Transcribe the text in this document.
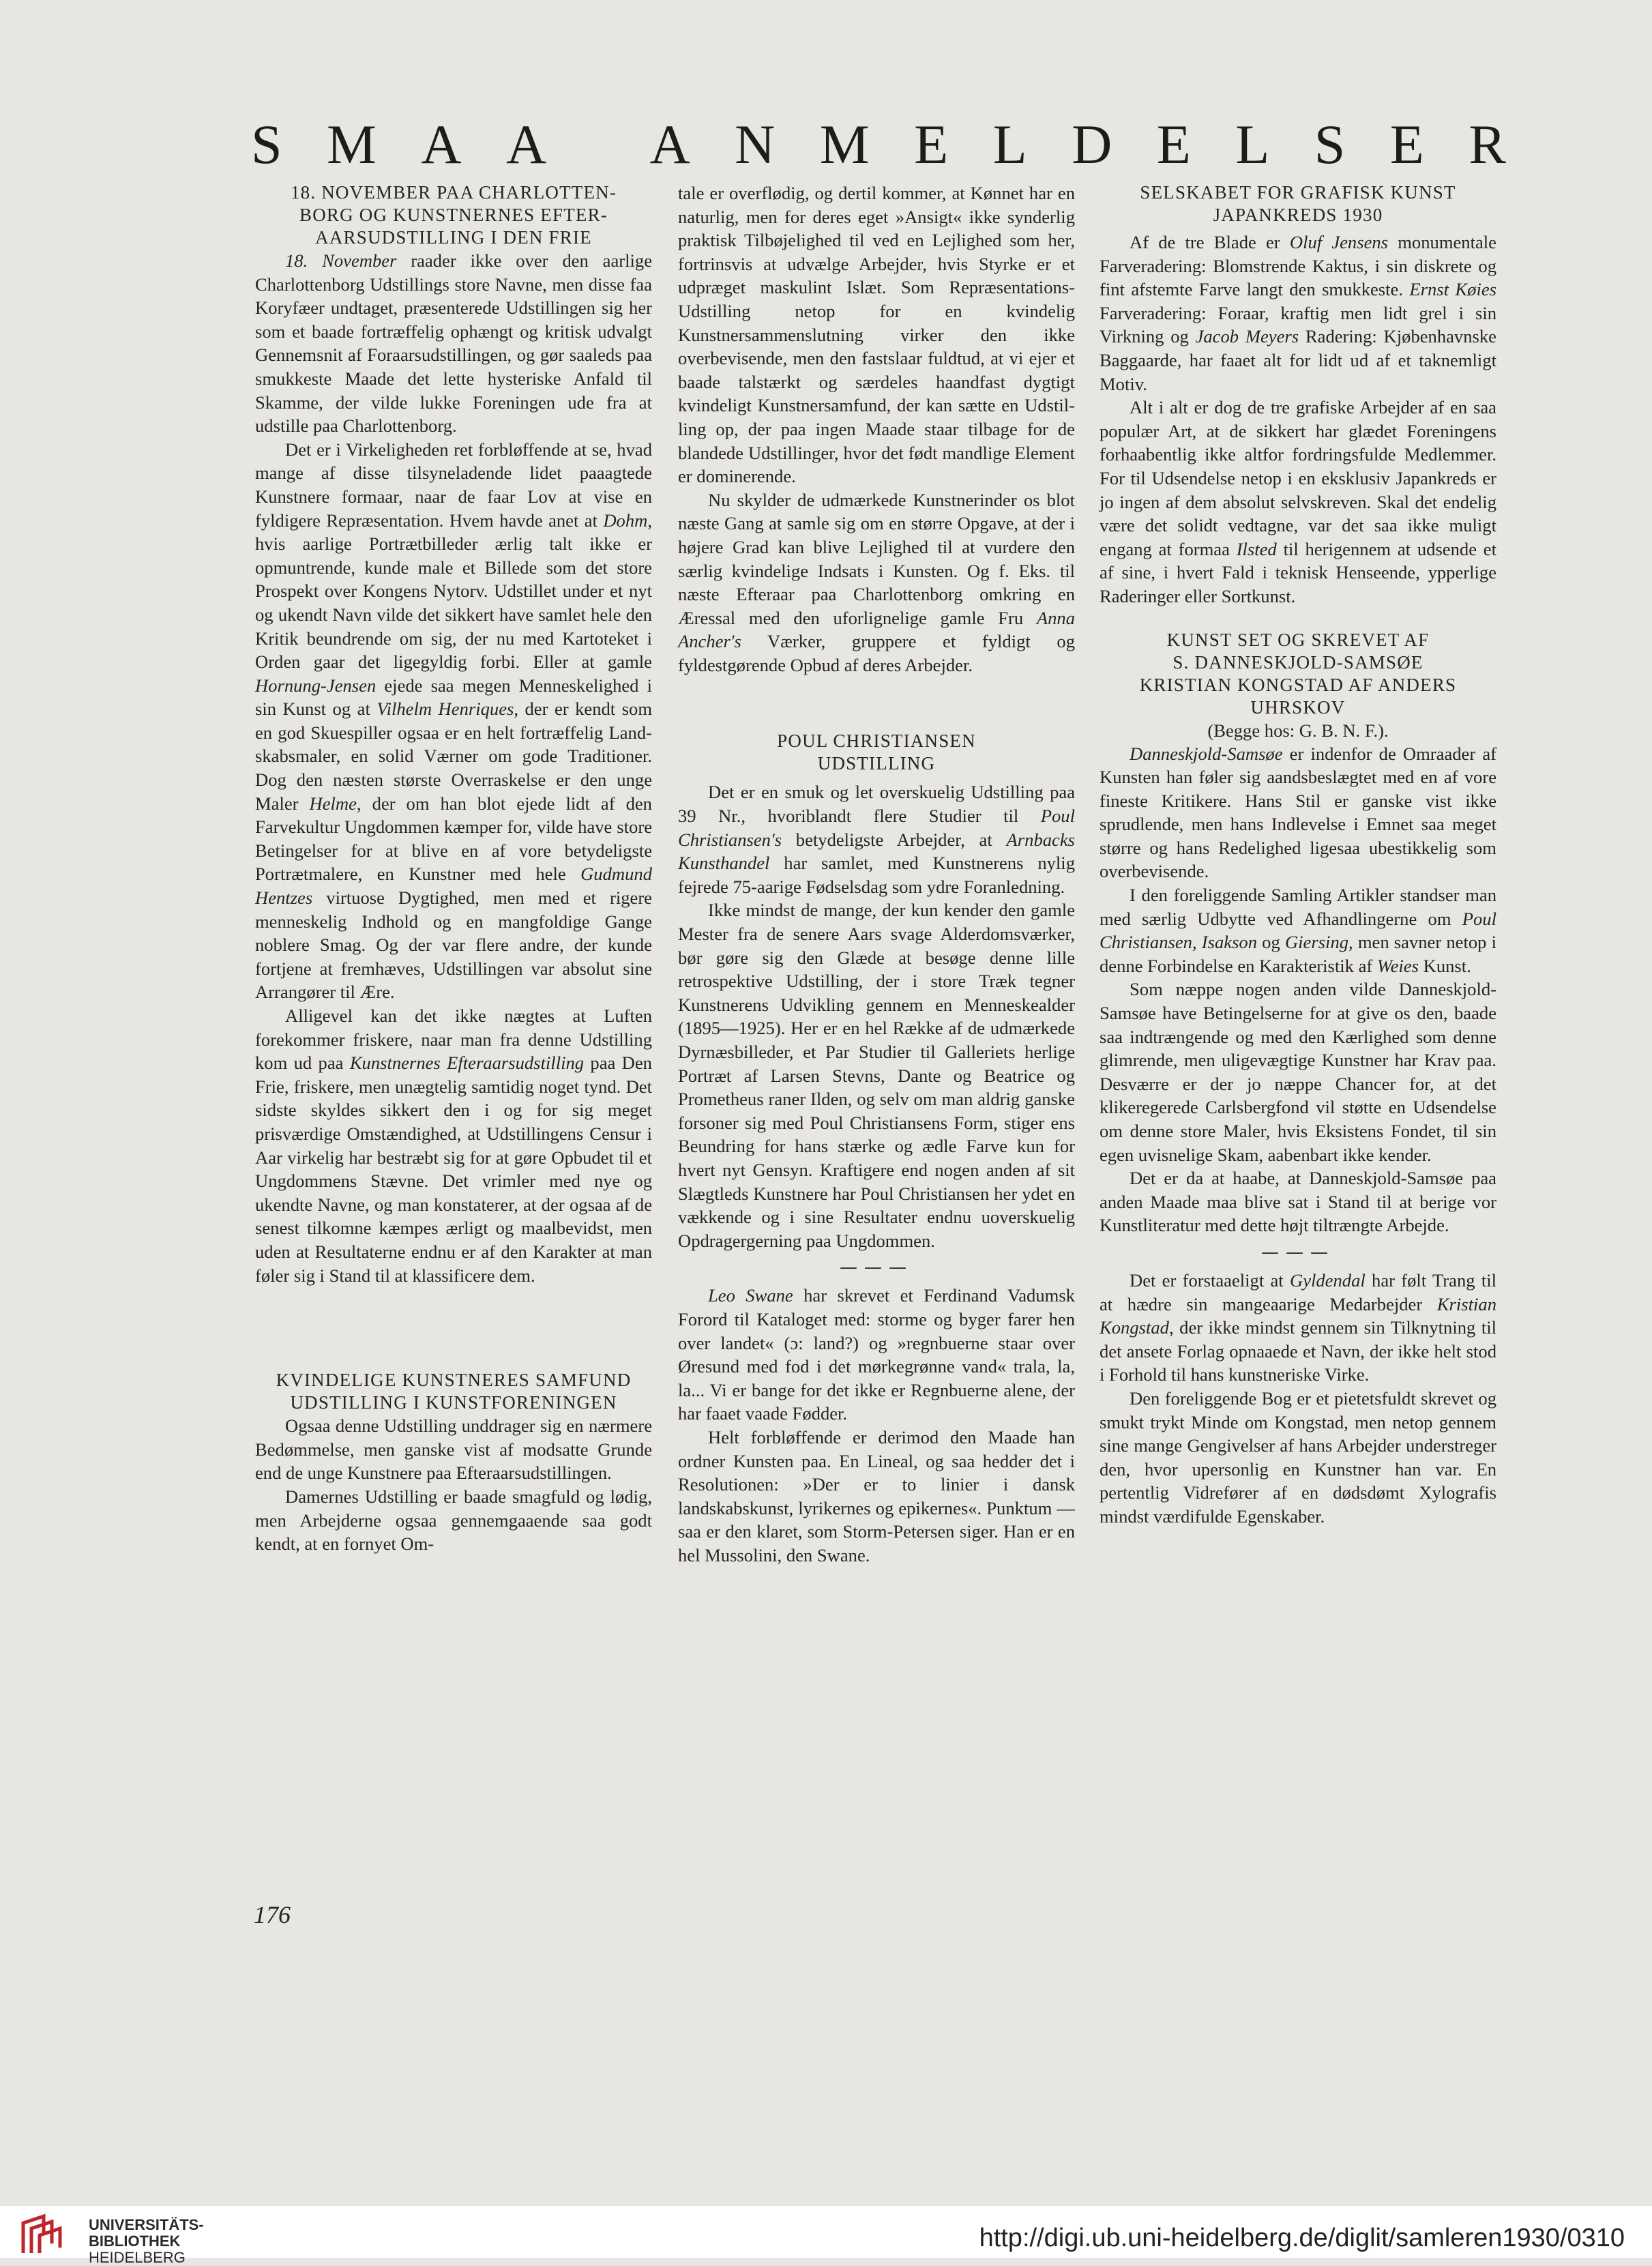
S M A A
A N M E L D E L S E R
18. NOVEMBER PAA CHARLOTTEN-
BORG OG KUNSTNERNES EFTER-
AARSUDSTILLING I DEN FRIE

18. November raader ikke over den aarlige Charlottenborg Udstillings store Navne, men disse faa Koryfæer undtaget, præsenterede Udstillingen sig her som et baade fortræffelig ophængt og kritisk udvalgt Gennemsnit af Foraarsudstillingen, og gør saaleds paa smukkeste Maade det lette hysteriske Anfald til Skamme, der vilde lukke Foreningen ude fra at udstille paa Charlottenborg.

Det er i Virkeligheden ret forbløffende at se, hvad mange af disse tilsyneladende lidet paaagtede Kunstnere formaar, naar de faar Lov at vise en fyldigere Repræsentation. Hvem havde anet at Dohm, hvis aarlige Portrætbilleder ærlig talt ikke er opmuntrende, kunde male et Billede som det store Prospekt over Kongens Nytorv. Udstillet under et nyt og ukendt Navn vilde det sikkert have samlet hele den Kritik beundrende om sig, der nu med Kartoteket i Orden gaar det ligegyldig forbi. Eller at gamle Hornung-Jensen ejede saa megen Menneskelighed i sin Kunst og at Vilhelm Henriques, der er kendt som en god Skuespiller ogsaa er en helt fortræffelig Landskabsmaler, en solid Værner om gode Traditioner. Dog den næsten største Overraskelse er den unge Maler Helme, der om han blot ejede lidt af den Farvekultur Ungdommen kæmper for, vilde have store Betingelser for at blive en af vore betydeligste Portrætmalere, en Kunstner med hele Gudmund Hentzes virtuose Dygtighed, men med et rigere menneskelig Indhold og en mangfoldige Gange noblere Smag. Og der var flere andre, der kunde fortjene at fremhæves, Udstillingen var absolut sine Arrangører til Ære.

Alligevel kan det ikke nægtes at Luften forekommer friskere, naar man fra denne Udstilling kom ud paa Kunstnernes Efteraarsudstilling paa Den Frie, friskere, men unægtelig samtidig noget tynd. Det sidste skyldes sikkert den i og for sig meget prisværdige Omstændighed, at Udstillingens Censur i Aar virkelig har bestræbt sig for at gøre Opbudet til et Ungdommens Stævne. Det vrimler med nye og ukendte Navne, og man konstaterer, at der ogsaa af de senest tilkomne kæmpes ærligt og maalbevidst, men uden at Resultaterne endnu er af den Karakter at man føler sig i Stand til at klassificere dem.

KVINDELIGE KUNSTNERES SAMFUND
UDSTILLING I KUNSTFORENINGEN

Ogsaa denne Udstilling unddrager sig en nærmere Bedømmelse, men ganske vist af modsatte Grunde end de unge Kunstnere paa Efteraarsudstillingen.

Damernes Udstilling er baade smagfuld og lødig, men Arbejderne ogsaa gennemgaaende saa godt kendt, at en fornyet Om-

tale er overflødig, og dertil kommer, at Kønnet har en naturlig, men for deres eget »Ansigt« ikke synderlig praktisk Tilbøjelighed til ved en Lejlighed som her, fortrinsvis at udvælge Arbejder, hvis Styrke er et udpræget maskulint Islæt. Som Repræsentations-Udstilling netop for en kvindelig Kunstnersammenslutning virker den ikke overbevisende, men den fastslaar fuldtud, at vi ejer et baade talstærkt og særdeles haandfast dygtigt kvindeligt Kunstnersamfund, der kan sætte en Udstilling op, der paa ingen Maade staar tilbage for de blandede Udstillinger, hvor det født mandlige Element er dominerende.

Nu skylder de udmærkede Kunstnerinder os blot næste Gang at samle sig om en større Opgave, at der i højere Grad kan blive Lejlighed til at vurdere den særlig kvindelige Indsats i Kunsten. Og f. Eks. til næste Efteraar paa Charlottenborg omkring en Æressal med den uforlignelige gamle Fru Anna Ancher's Værker, gruppere et fyldigt og fyldestgørende Opbud af deres Arbejder.

POUL CHRISTIANSEN
UDSTILLING

Det er en smuk og let overskuelig Udstilling paa 39 Nr., hvoriblandt flere Studier til Poul Christiansen's betydeligste Arbejder, at Arnbacks Kunsthandel har samlet, med Kunstnerens nylig fejrede 75-aarige Fødselsdag som ydre Foranledning.

Ikke mindst de mange, der kun kender den gamle Mester fra de senere Aars svage Alderdomsværker, bør gøre sig den Glæde at besøge denne lille retrospektive Udstilling, der i store Træk tegner Kunstnerens Udvikling gennem en Menneskealder (1895—1925). Her er en hel Række af de udmærkede Dyrnæsbilleder, et Par Studier til Galleriets herlige Portræt af Larsen Stevns, Dante og Beatrice og Prometheus raner Ilden, og selv om man aldrig ganske forsoner sig med Poul Christiansens Form, stiger ens Beundring for hans stærke og ædle Farve kun for hvert nyt Gensyn. Kraftigere end nogen anden af sit Slægtleds Kunstnere har Poul Christiansen her ydet en vækkende og i sine Resultater endnu uoverskuelig Opdragergerning paa Ungdommen.

———

Leo Swane har skrevet et Ferdinand Vadumsk Forord til Kataloget med: storme og byger farer hen over landet« (ɔ: land?) og »regnbuerne staar over Øresund med fod i det mørkegrønne vand« trala, la, la... Vi er bange for det ikke er Regnbuerne alene, der har faaet vaade Fødder.

Helt forbløffende er derimod den Maade han ordner Kunsten paa. En Lineal, og saa hedder det i Resolutionen: »Der er to linier i dansk landskabskunst, lyrikernes og epikernes«. Punktum — saa er den klaret, som Storm-Petersen siger. Han er en hel Mussolini, den Swane.

SELSKABET FOR GRAFISK KUNST
JAPANKREDS 1930

Af de tre Blade er Oluf Jensens monumentale Farveradering: Blomstrende Kaktus, i sin diskrete og fint afstemte Farve langt den smukkeste. Ernst Køies Farveradering: Foraar, kraftig men lidt grel i sin Virkning og Jacob Meyers Radering: Kjøbenhavnske Baggaarde, har faaet alt for lidt ud af et taknemligt Motiv.

Alt i alt er dog de tre grafiske Arbejder af en saa populær Art, at de sikkert har glædet Foreningens forhaabentlig ikke altfor fordringsfulde Medlemmer. For til Udsendelse netop i en eksklusiv Japankreds er jo ingen af dem absolut selvskreven. Skal det endelig være det solidt vedtagne, var det saa ikke muligt engang at formaa Ilsted til herigennem at udsende et af sine, i hvert Fald i teknisk Henseende, ypperlige Raderinger eller Sortkunst.

KUNST SET OG SKREVET AF
S. DANNESKJOLD-SAMSØE
KRISTIAN KONGSTAD AF ANDERS
UHRSKOV
(Begge hos: G. B. N. F.).

Danneskjold-Samsøe er indenfor de Omraader af Kunsten han føler sig aandsbeslægtet med en af vore fineste Kritikere. Hans Stil er ganske vist ikke sprudlende, men hans Indlevelse i Emnet saa meget større og hans Redelighed ligesaa ubestikkelig som overbevisende.

I den foreliggende Samling Artikler standser man med særlig Udbytte ved Afhandlingerne om Poul Christiansen, Isakson og Giersing, men savner netop i denne Forbindelse en Karakteristik af Weies Kunst.

Som næppe nogen anden vilde Danneskjold-Samsøe have Betingelserne for at give os den, baade saa indtrængende og med den Kærlighed som denne glimrende, men uligevægtige Kunstner har Krav paa. Desværre er der jo næppe Chancer for, at det klikeregerede Carlsbergfond vil støtte en Udsendelse om denne store Maler, hvis Eksistens Fondet, til sin egen uvisnelige Skam, aabenbart ikke kender.

Det er da at haabe, at Danneskjold-Samsøe paa anden Maade maa blive sat i Stand til at berige vor Kunstliteratur med dette højt tiltrængte Arbejde.

———

Det er forstaaeligt at Gyldendal har følt Trang til at hædre sin mangeaarige Medarbejder Kristian Kongstad, der ikke mindst gennem sin Tilknytning til det ansete Forlag opnaaede et Navn, der ikke helt stod i Forhold til hans kunstneriske Virke.

Den foreliggende Bog er et pietetsfuldt skrevet og smukt trykt Minde om Kongstad, men netop gennem sine mange Gengivelser af hans Arbejder understreger den, hvor upersonlig en Kunstner han var. En pertentlig Vidrefører af en dødsdømt Xylografis mindst værdifulde Egenskaber.

176
UNIVERSITÄTS-
BIBLIOTHEK
HEIDELBERG
http://digi.ub.uni-heidelberg.de/diglit/samleren1930/0310
